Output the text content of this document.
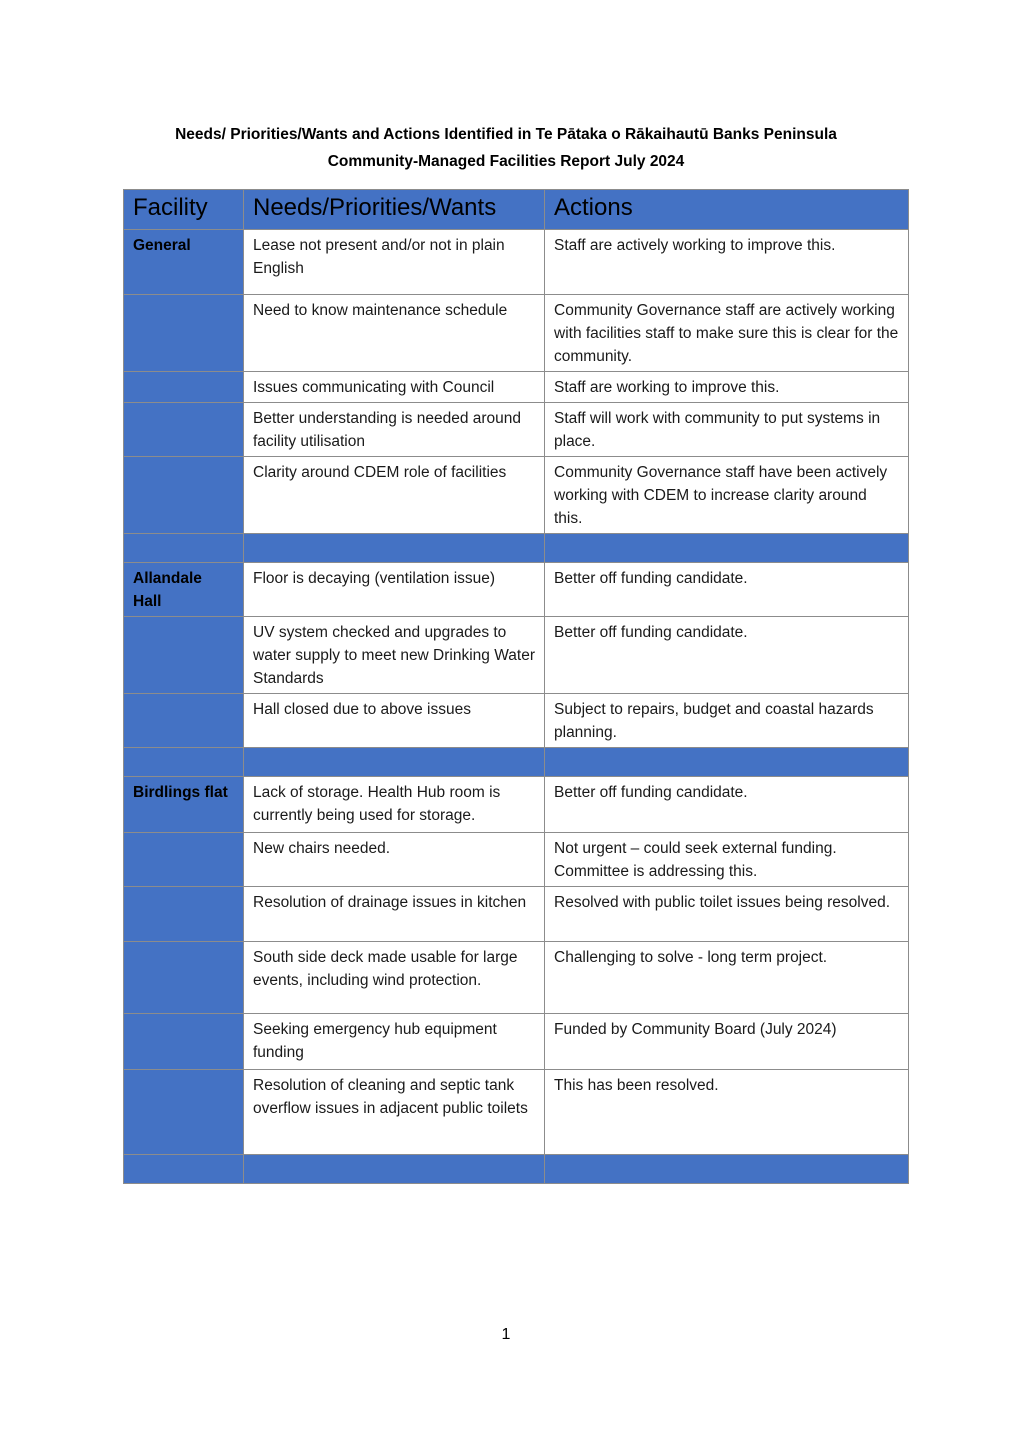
Needs/ Priorities/Wants and Actions Identified in Te Pātaka o Rākaihautū Banks Peninsula
Community-Managed Facilities Report July 2024
Facility	Needs/Priorities/Wants	Actions
General	Lease not present and/or not in plain English	Staff are actively working to improve this.
	Need to know maintenance schedule	Community Governance staff are actively working with facilities staff to make sure this is clear for the community.
	Issues communicating with Council	Staff are working to improve this.
	Better understanding is needed around facility utilisation	Staff will work with community to put systems in place.
	Clarity around CDEM role of facilities	Community Governance staff have been actively working with CDEM to increase clarity around this.

Allandale Hall	Floor is decaying (ventilation issue)	Better off funding candidate.
	UV system checked and upgrades to water supply to meet new Drinking Water Standards	Better off funding candidate.
	Hall closed due to above issues	Subject to repairs, budget and coastal hazards planning.

Birdlings flat	Lack of storage. Health Hub room is currently being used for storage.	Better off funding candidate.
	New chairs needed.	Not urgent – could seek external funding. Committee is addressing this.
	Resolution of drainage issues in kitchen	Resolved with public toilet issues being resolved.
	South side deck made usable for large events, including wind protection.	Challenging to solve - long term project.
	Seeking emergency hub equipment funding	Funded by Community Board (July 2024)
	Resolution of cleaning and septic tank overflow issues in adjacent public toilets	This has been resolved.

1
